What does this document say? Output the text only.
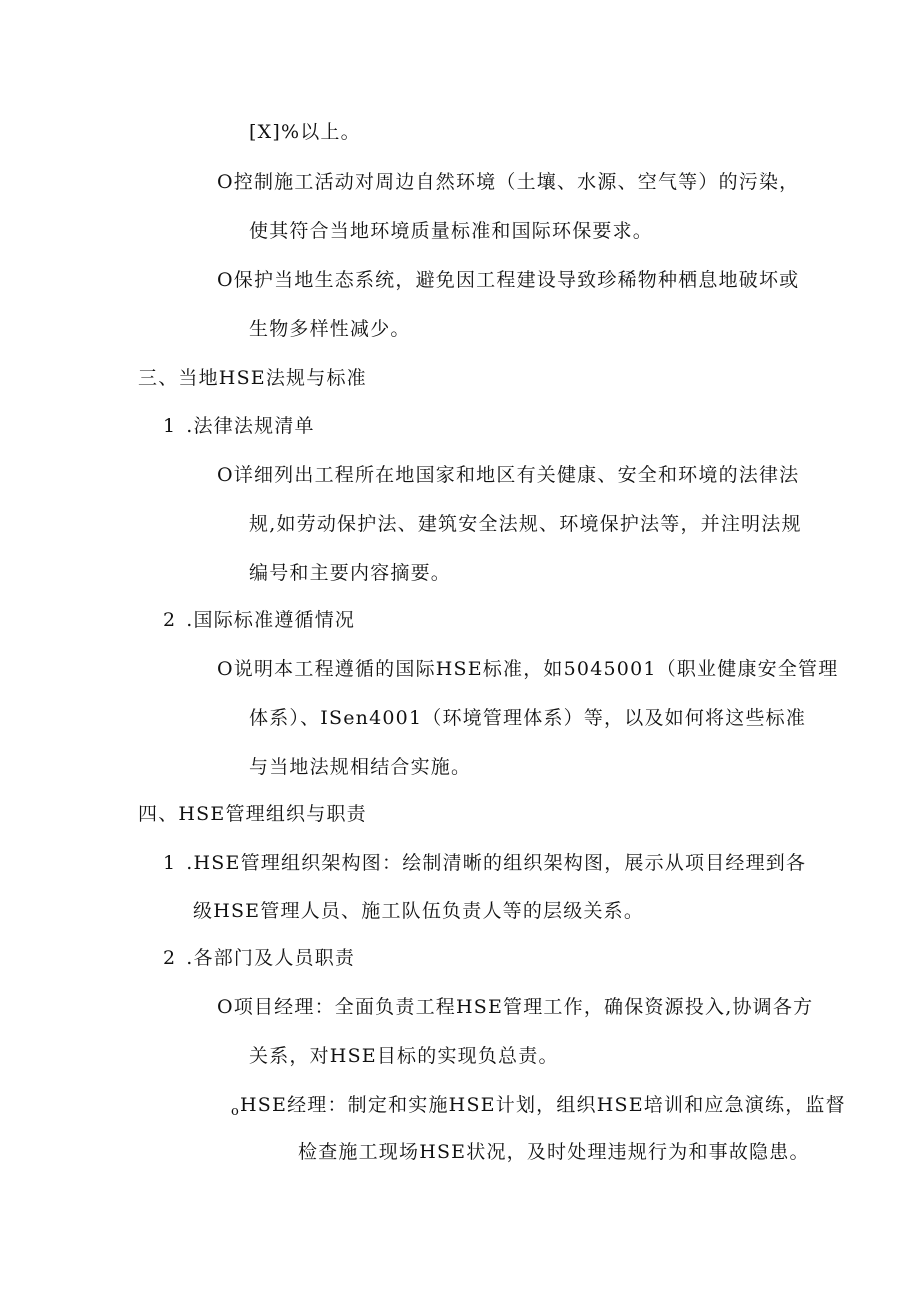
[X]%以上。

O控制施工活动对周边自然环境（土壤、水源、空气等）的污染，

使其符合当地环境质量标准和国际环保要求。

O保护当地生态系统，避免因工程建设导致珍稀物种栖息地破坏或

生物多样性减少。

三、当地HSE法规与标准

1 .法律法规清单

O详细列出工程所在地国家和地区有关健康、安全和环境的法律法

规,如劳动保护法、建筑安全法规、环境保护法等，并注明法规

编号和主要内容摘要。

2 .国际标准遵循情况

O说明本工程遵循的国际HSE标准，如5045001（职业健康安全管理

体系）、ISen4001（环境管理体系）等，以及如何将这些标准

与当地法规相结合实施。

四、HSE管理组织与职责

1 .HSE管理组织架构图：绘制清晰的组织架构图，展示从项目经理到各

级HSE管理人员、施工队伍负责人等的层级关系。

2 .各部门及人员职责

O项目经理：全面负责工程HSE管理工作，确保资源投入,协调各方

关系，对HSE目标的实现负总责。

oHSE经理：制定和实施HSE计划，组织HSE培训和应急演练，监督

检查施工现场HSE状况，及时处理违规行为和事故隐患。
